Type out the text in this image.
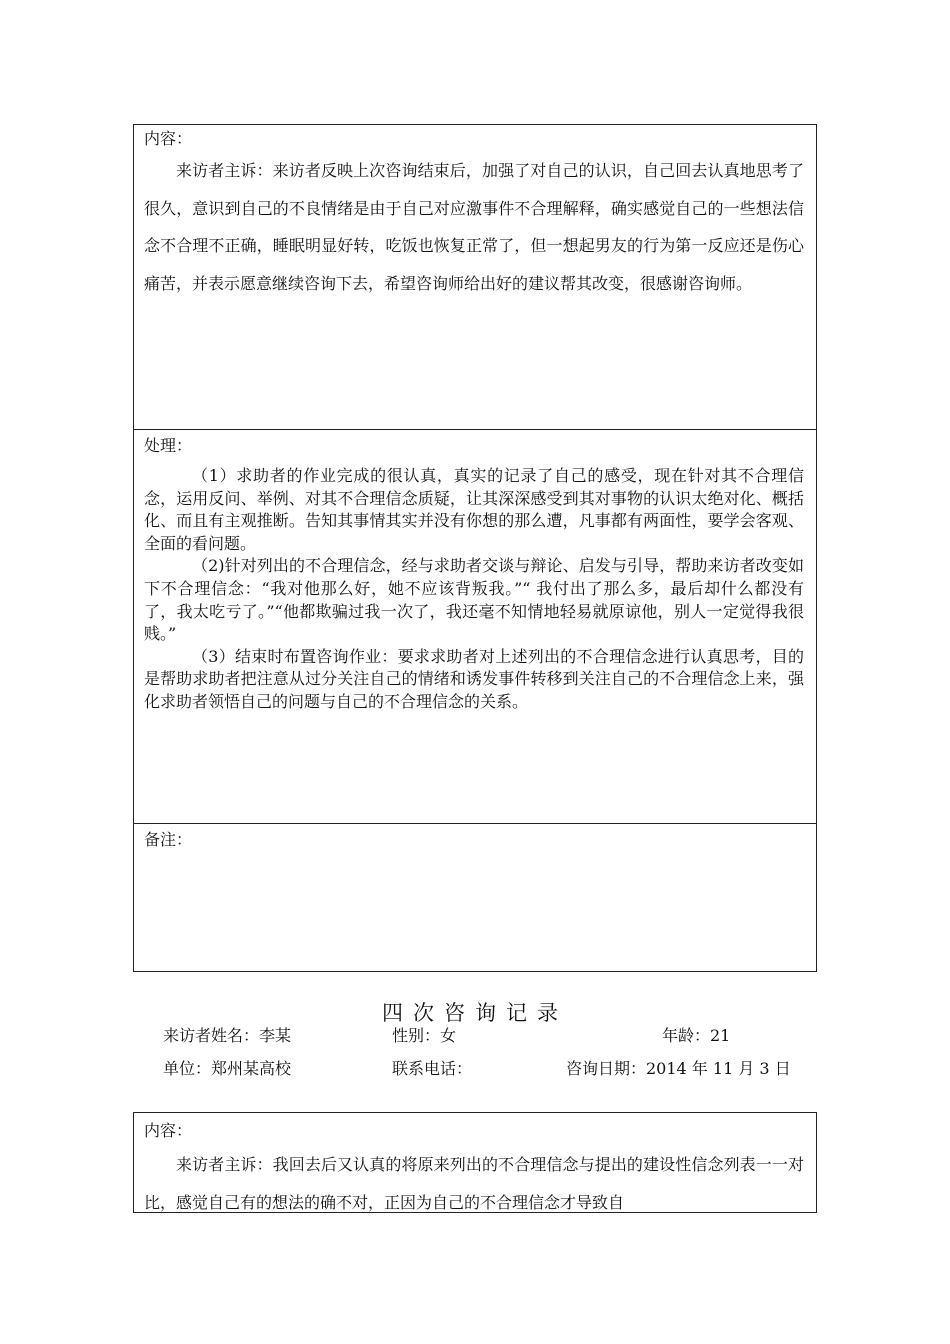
内容：

来访者主诉：来访者反映上次咨询结束后，加强了对自己的认识，自己回去认真地思考了很久，意识到自己的不良情绪是由于自己对应激事件不合理解释，确实感觉自己的一些想法信念不合理不正确，睡眠明显好转，吃饭也恢复正常了，但一想起男友的行为第一反应还是伤心痛苦，并表示愿意继续咨询下去，希望咨询师给出好的建议帮其改变，很感谢咨询师。

处理：

（1）求助者的作业完成的很认真，真实的记录了自己的感受，现在针对其不合理信念，运用反问、举例、对其不合理信念质疑，让其深深感受到其对事物的认识太绝对化、概括化、而且有主观推断。告知其事情其实并没有你想的那么遭，凡事都有两面性，要学会客观、全面的看问题。

（2)针对列出的不合理信念，经与求助者交谈与辩论、启发与引导，帮助来访者改变如下不合理信念：“我对他那么好，她不应该背叛我。”“ 我付出了那么多，最后却什么都没有了，我太吃亏了。”“他都欺骗过我一次了，我还毫不知情地轻易就原谅他，别人一定觉得我很贱。”

（3）结束时布置咨询作业：要求求助者对上述列出的不合理信念进行认真思考，目的是帮助求助者把注意从过分关注自己的情绪和诱发事件转移到关注自己的不合理信念上来，强化求助者领悟自己的问题与自己的不合理信念的关系。

备注：
四次咨询记录
来访者姓名：李某	性别：女	年龄：21
单位：郑州某高校	联系电话：	咨询日期：2014 年 11 月 3 日
内容：

来访者主诉：我回去后又认真的将原来列出的不合理信念与提出的建设性信念列表一一对比，感觉自己有的想法的确不对，正因为自己的不合理信念才导致自
